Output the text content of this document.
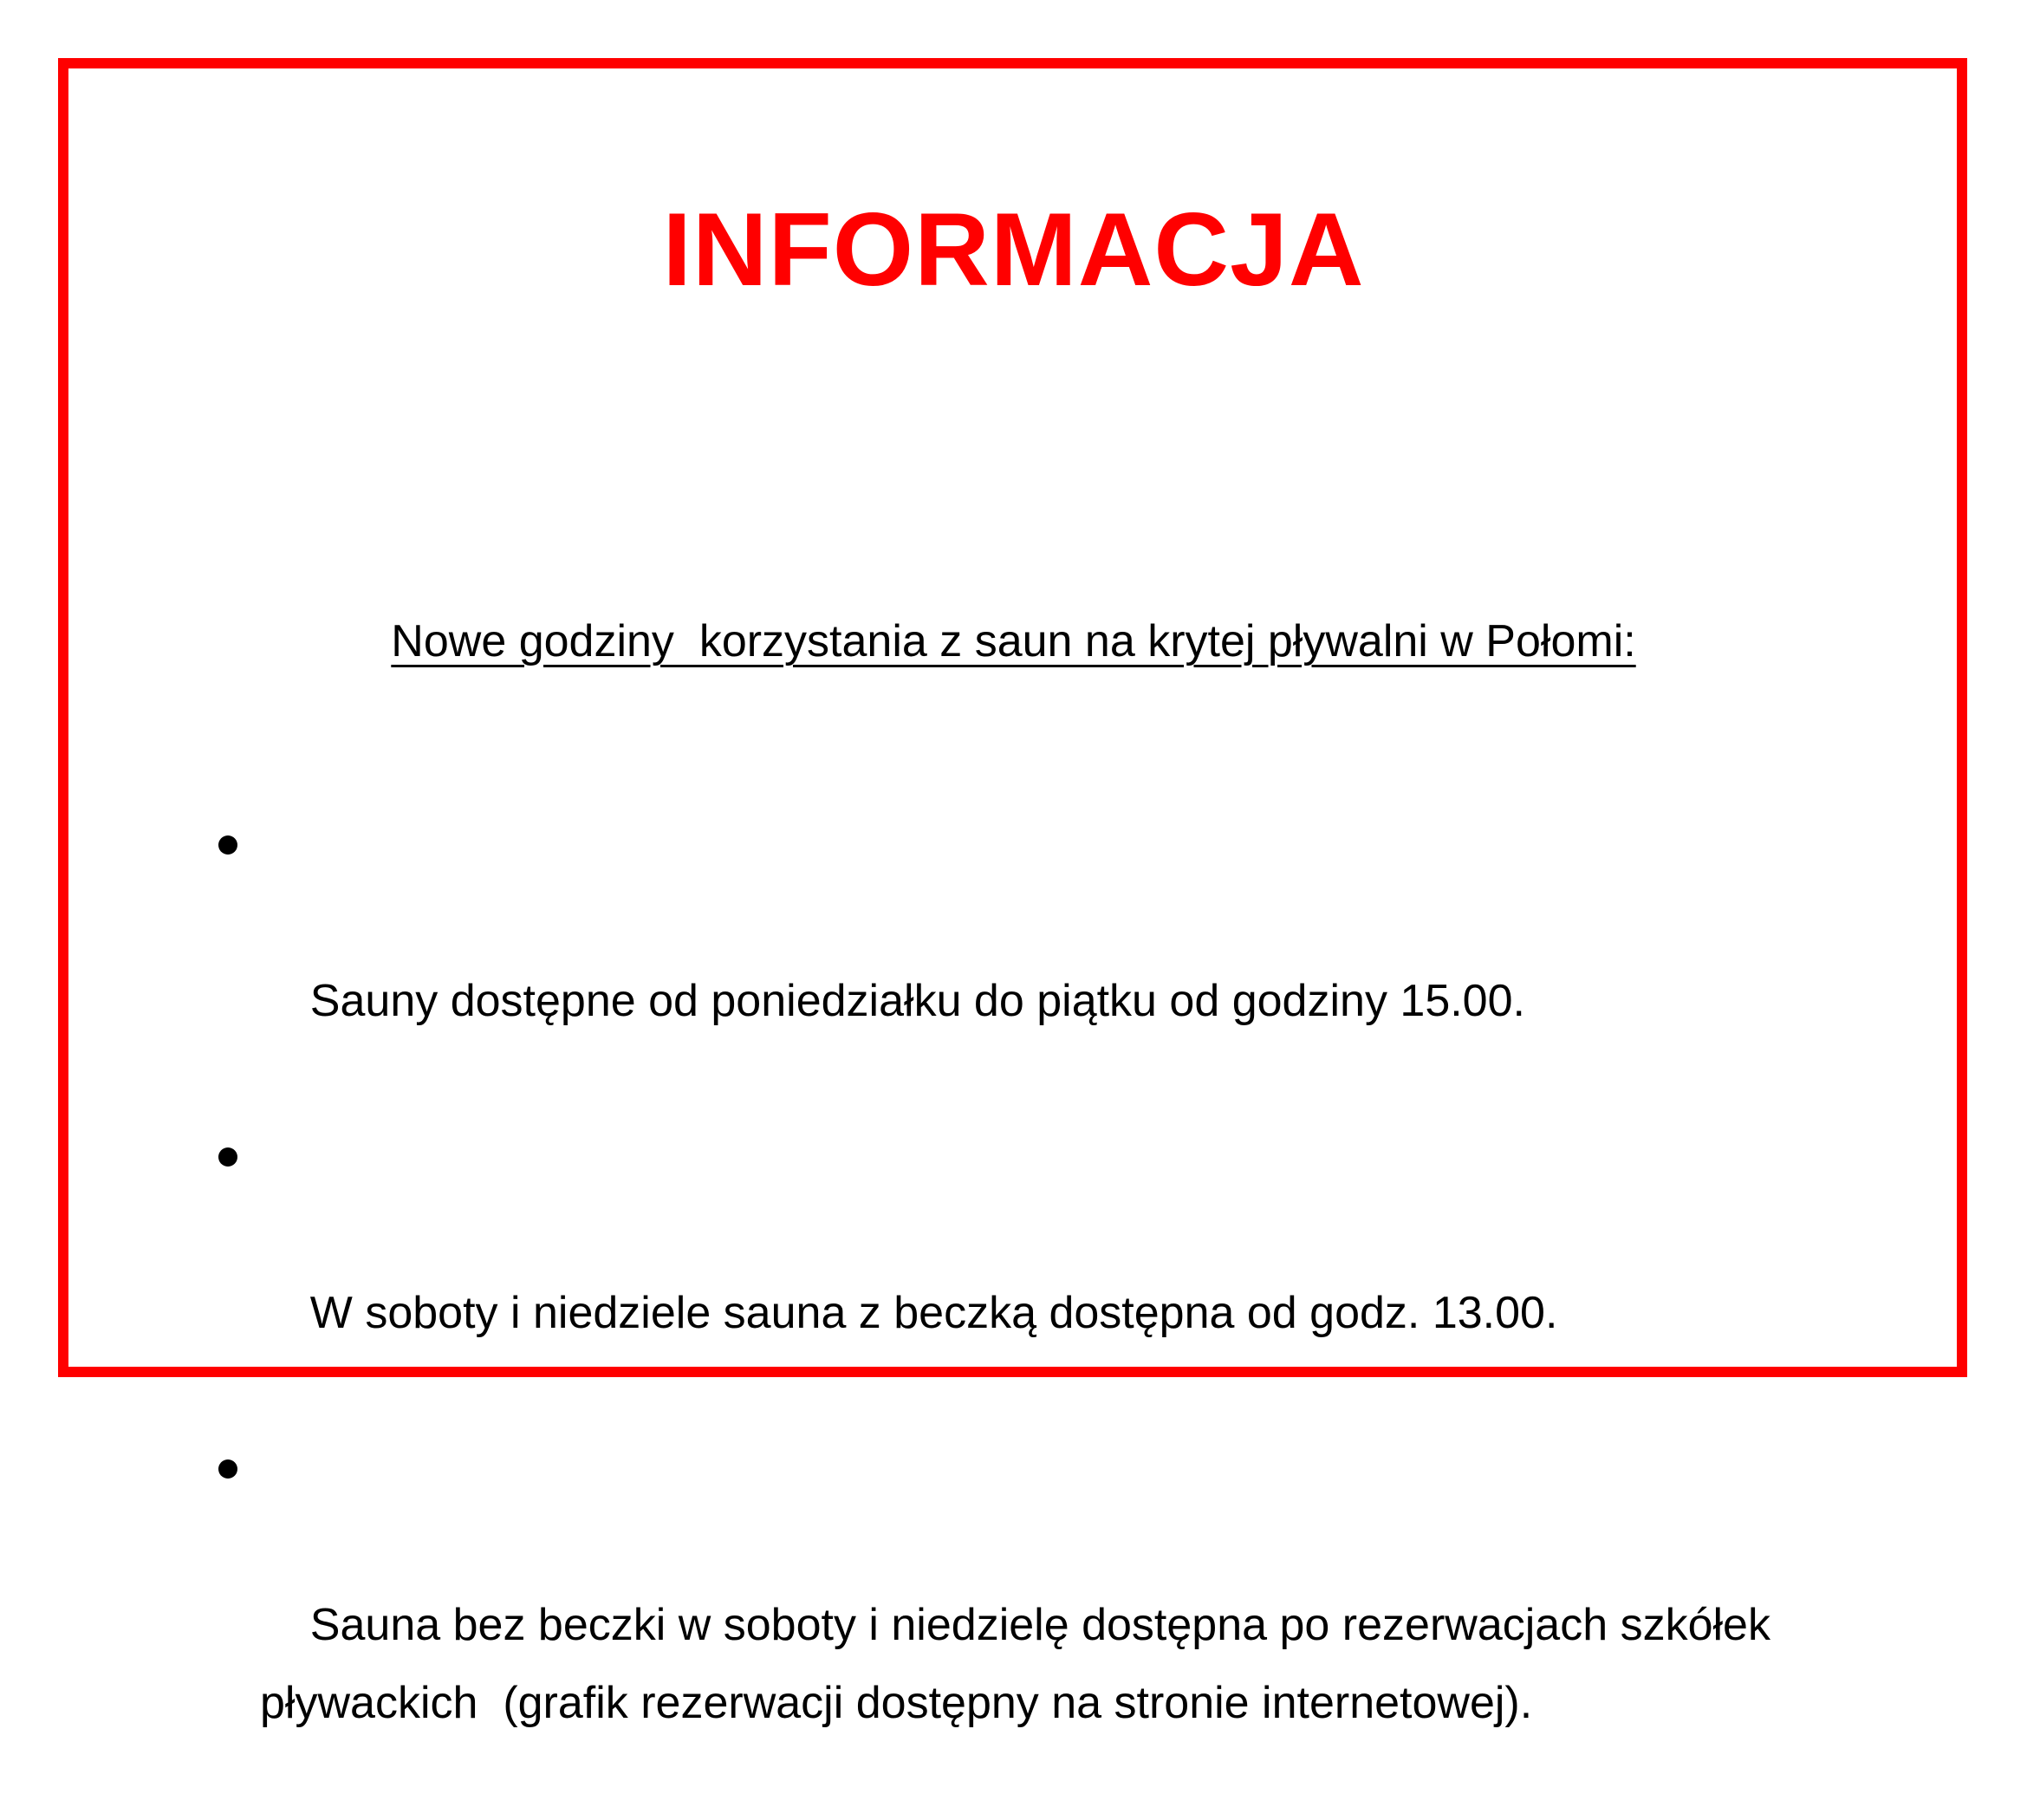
INFORMACJA

Nowe godziny  korzystania z saun na krytej pływalni w Połomi:

Sauny dostępne od poniedziałku do piątku od godziny 15.00.

W soboty i niedziele sauna z beczką dostępna od godz. 13.00.

Sauna bez beczki w soboty i niedzielę dostępna po rezerwacjach szkółek pływackich  (grafik rezerwacji dostępny na stronie internetowej).
